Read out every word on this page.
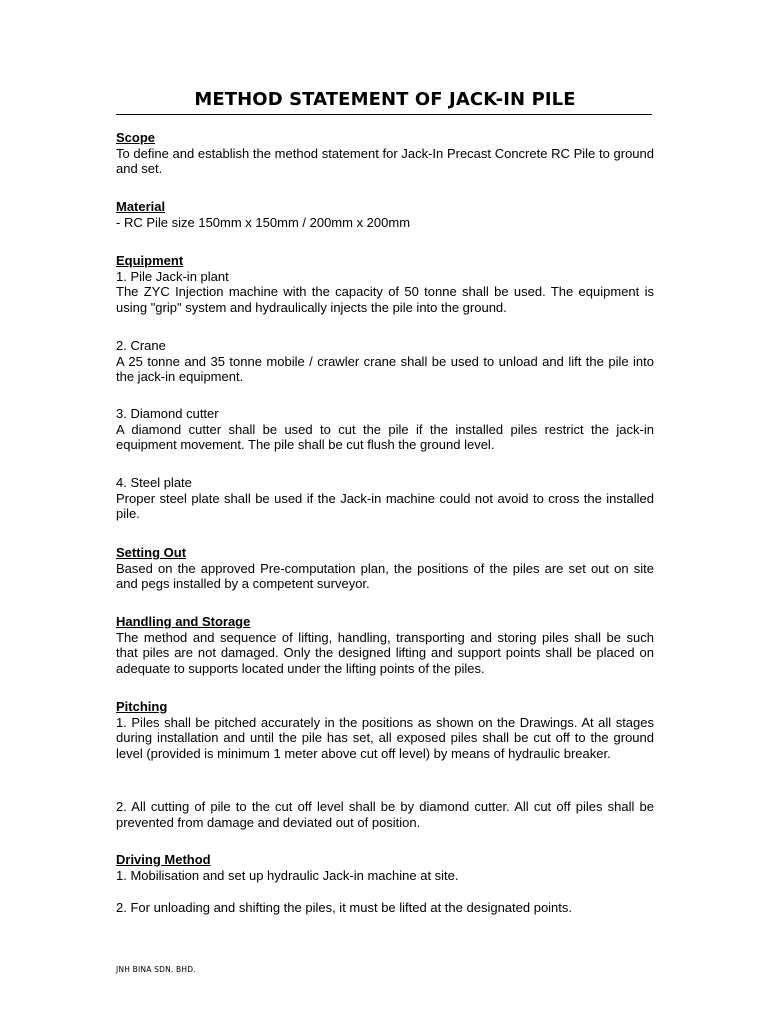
METHOD STATEMENT OF JACK-IN PILE

Scope

To define and establish the method statement for Jack-In Precast Concrete RC Pile to ground and set.

Material

- RC Pile size 150mm x 150mm / 200mm x 200mm

Equipment

1. Pile Jack-in plant

The ZYC Injection machine with the capacity of 50 tonne shall be used. The equipment is using "grip" system and hydraulically injects the pile into the ground.

2. Crane

A 25 tonne and 35 tonne mobile / crawler crane shall be used to unload and lift the pile into the jack-in equipment.

3. Diamond cutter

A diamond cutter shall be used to cut the pile if the installed piles restrict the jack-in equipment movement. The pile shall be cut flush the ground level.

4. Steel plate

Proper steel plate shall be used if the Jack-in machine could not avoid to cross the installed pile.

Setting Out

Based on the approved Pre-computation plan, the positions of the piles are set out on site and pegs installed by a competent surveyor.

Handling and Storage

The method and sequence of lifting, handling, transporting and storing piles shall be such that piles are not damaged. Only the designed lifting and support points shall be placed on adequate to supports located under the lifting points of the piles.

Pitching

1. Piles shall be pitched accurately in the positions as shown on the Drawings. At all stages during installation and until the pile has set, all exposed piles shall be cut off to the ground level (provided is minimum 1 meter above cut off level) by means of hydraulic breaker.

2. All cutting of pile to the cut off level shall be by diamond cutter. All cut off piles shall be prevented from damage and deviated out of position.

Driving Method

1. Mobilisation and set up hydraulic Jack-in machine at site.

2. For unloading and shifting the piles, it must be lifted at the designated points.

JNH BINA SDN. BHD.
